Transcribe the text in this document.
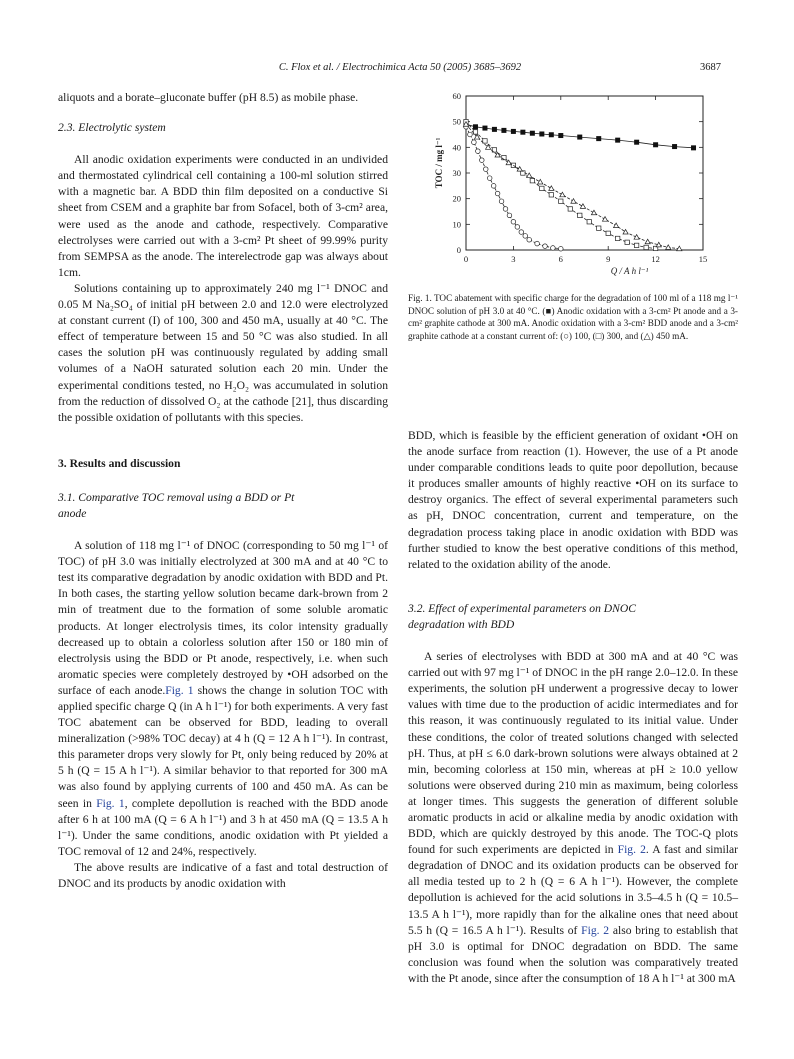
C. Flox et al. / Electrochimica Acta 50 (2005) 3685–3692	3687

aliquots and a borate–gluconate buffer (pH 8.5) as mobile phase.

2.3. Electrolytic system

All anodic oxidation experiments were conducted in an undivided and thermostated cylindrical cell containing a 100-ml solution stirred with a magnetic bar. A BDD thin film deposited on a conductive Si sheet from CSEM and a graphite bar from Sofacel, both of 3-cm² area, were used as the anode and cathode, respectively. Comparative electrolyses were carried out with a 3-cm² Pt sheet of 99.99% purity from SEMPSA as the anode. The interelectrode gap was always about 1cm.

Solutions containing up to approximately 240 mg l⁻¹ DNOC and 0.05 M Na₂SO₄ of initial pH between 2.0 and 12.0 were electrolyzed at constant current (I) of 100, 300 and 450 mA, usually at 40 °C. The effect of temperature between 15 and 50 °C was also studied. In all cases the solution pH was continuously regulated by adding small volumes of a NaOH saturated solution each 20 min. Under the experimental conditions tested, no H₂O₂ was accumulated in solution from the reduction of dissolved O₂ at the cathode [21], thus discarding the possible oxidation of pollutants with this species.

3. Results and discussion
3.1. Comparative TOC removal using a BDD or Pt
anode

A solution of 118 mg l⁻¹ of DNOC (corresponding to 50 mg l⁻¹ of TOC) of pH 3.0 was initially electrolyzed at 300 mA and at 40 °C to test its comparative degradation by anodic oxidation with BDD and Pt. In both cases, the starting yellow solution became dark-brown from 2 min of treatment due to the formation of some soluble aromatic products. At longer electrolysis times, its color intensity gradually decreased up to obtain a colorless solution after 150 or 180 min of electrolysis using the BDD or Pt anode, respectively, i.e. when such aromatic species were completely destroyed by •OH adsorbed on the surface of each anode.Fig. 1 shows the change in solution TOC with applied specific charge Q (in A h l⁻¹) for both experiments. A very fast TOC abatement can be observed for BDD, leading to overall mineralization (>98% TOC decay) at 4 h (Q = 12 A h l⁻¹). In contrast, this parameter drops very slowly for Pt, only being reduced by 20% at 5 h (Q = 15 A h l⁻¹). A similar behavior to that reported for 300 mA was also found by applying currents of 100 and 450 mA. As can be seen in Fig. 1, complete depollution is reached with the BDD anode after 6 h at 100 mA (Q = 6 A h l⁻¹) and 3 h at 450 mA (Q = 13.5 A h l⁻¹). Under the same conditions, anodic oxidation with Pt yielded a TOC removal of 12 and 24%, respectively.

The above results are indicative of a fast and total destruction of DNOC and its products by anodic oxidation with

0	3	6	9	12	15
0
10
20
30
40
50
60
Q / A h l⁻¹
TOC / mg l⁻¹

Fig. 1. TOC abatement with specific charge for the degradation of 100 ml of a 118 mg l⁻¹ DNOC solution of pH 3.0 at 40 °C. (■) Anodic oxidation with a 3-cm² Pt anode and a 3-cm² graphite cathode at 300 mA. Anodic oxidation with a 3-cm² BDD anode and a 3-cm² graphite cathode at a constant current of: (○) 100, (□) 300, and (△) 450 mA.

BDD, which is feasible by the efficient generation of oxidant •OH on the anode surface from reaction (1). However, the use of a Pt anode under comparable conditions leads to quite poor depollution, because it produces smaller amounts of highly reactive •OH on its surface to destroy organics. The effect of several experimental parameters such as pH, DNOC concentration, current and temperature, on the degradation process taking place in anodic oxidation with BDD was further studied to know the best operative conditions of this method, related to the oxidation ability of the anode.

3.2. Effect of experimental parameters on DNOC
degradation with BDD

A series of electrolyses with BDD at 300 mA and at 40 °C was carried out with 97 mg l⁻¹ of DNOC in the pH range 2.0–12.0. In these experiments, the solution pH underwent a progressive decay to lower values with time due to the production of acidic intermediates and for this reason, it was continuously regulated to its initial value. Under these conditions, the color of treated solutions changed with selected pH. Thus, at pH ≤ 6.0 dark-brown solutions were always obtained at 2 min, becoming colorless at 150 min, whereas at pH ≥ 10.0 yellow solutions were observed during 210 min as maximum, being colorless at longer times. This suggests the generation of different soluble aromatic products in acid or alkaline media by anodic oxidation with BDD, which are quickly destroyed by this anode. The TOC-Q plots found for such experiments are depicted in Fig. 2. A fast and similar degradation of DNOC and its oxidation products can be observed for all media tested up to 2 h (Q = 6 A h l⁻¹). However, the complete depollution is achieved for the acid solutions in 3.5–4.5 h (Q = 10.5–13.5 A h l⁻¹), more rapidly than for the alkaline ones that need about 5.5 h (Q = 16.5 A h l⁻¹). Results of Fig. 2 also bring to establish that pH 3.0 is optimal for DNOC degradation on BDD. The same conclusion was found when the solution was comparatively treated with the Pt anode, since after the consumption of 18 A h l⁻¹ at 300 mA
